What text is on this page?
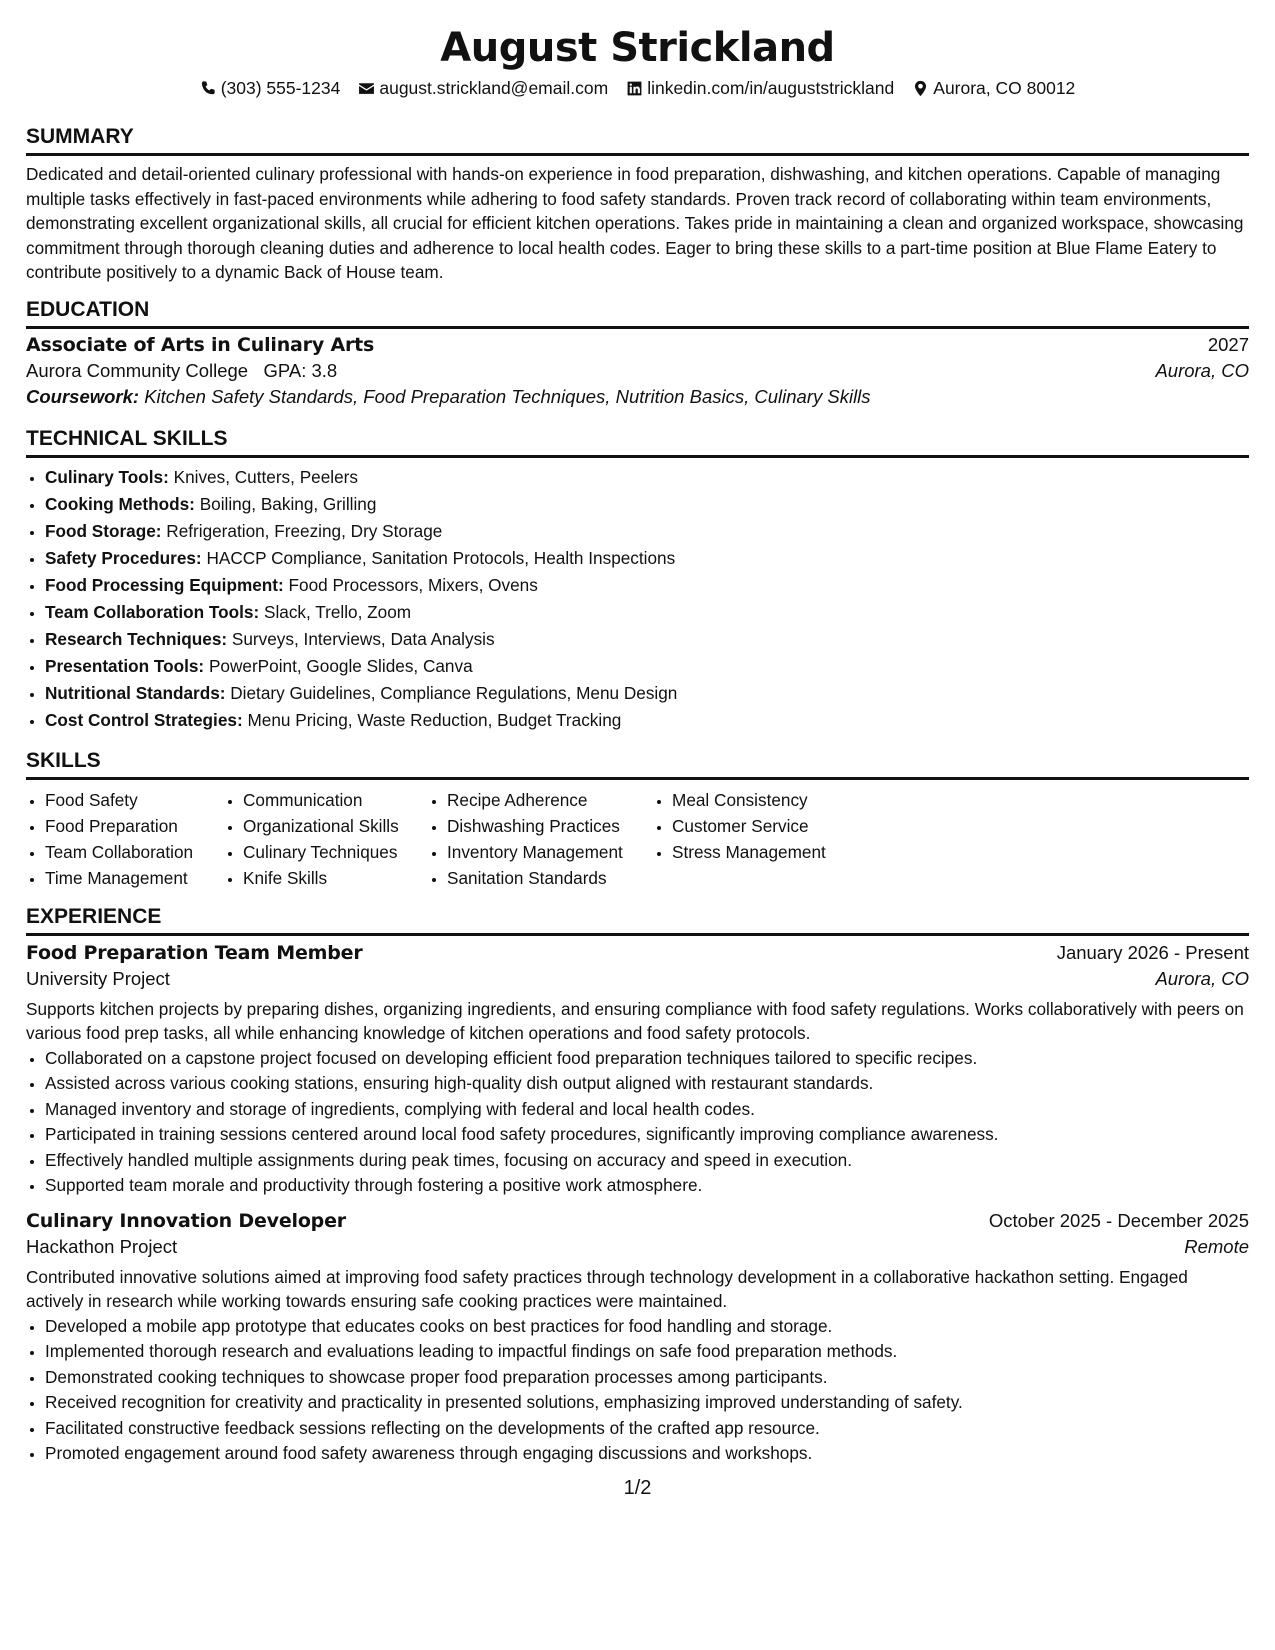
August Strickland
(303) 555-1234 august.strickland@email.com linkedin.com/in/auguststrickland Aurora, CO 80012
SUMMARY

Dedicated and detail-oriented culinary professional with hands-on experience in food preparation, dishwashing, and kitchen operations. Capable of managing multiple tasks effectively in fast-paced environments while adhering to food safety standards. Proven track record of collaborating within team environments, demonstrating excellent organizational skills, all crucial for efficient kitchen operations. Takes pride in maintaining a clean and organized workspace, showcasing commitment through thorough cleaning duties and adherence to local health codes. Eager to bring these skills to a part-time position at Blue Flame Eatery to contribute positively to a dynamic Back of House team.

EDUCATION
Associate of Arts in Culinary Arts	2027
Aurora Community College GPA: 3.8	Aurora, CO
Coursework: Kitchen Safety Standards, Food Preparation Techniques, Nutrition Basics, Culinary Skills
TECHNICAL SKILLS
• Culinary Tools: Knives, Cutters, Peelers
• Cooking Methods: Boiling, Baking, Grilling
• Food Storage: Refrigeration, Freezing, Dry Storage
• Safety Procedures: HACCP Compliance, Sanitation Protocols, Health Inspections
• Food Processing Equipment: Food Processors, Mixers, Ovens
• Team Collaboration Tools: Slack, Trello, Zoom
• Research Techniques: Surveys, Interviews, Data Analysis
• Presentation Tools: PowerPoint, Google Slides, Canva
• Nutritional Standards: Dietary Guidelines, Compliance Regulations, Menu Design
• Cost Control Strategies: Menu Pricing, Waste Reduction, Budget Tracking
SKILLS
• Food Safety
• Food Preparation
• Team Collaboration
• Time Management
• Communication
• Organizational Skills
• Culinary Techniques
• Knife Skills
• Recipe Adherence
• Dishwashing Practices
• Inventory Management
• Sanitation Standards
• Meal Consistency
• Customer Service
• Stress Management
EXPERIENCE
Food Preparation Team Member	January 2026 - Present
University Project	Aurora, CO

Supports kitchen projects by preparing dishes, organizing ingredients, and ensuring compliance with food safety regulations. Works collaboratively with peers on various food prep tasks, all while enhancing knowledge of kitchen operations and food safety protocols.

• Collaborated on a capstone project focused on developing efficient food preparation techniques tailored to specific recipes.
• Assisted across various cooking stations, ensuring high-quality dish output aligned with restaurant standards.
• Managed inventory and storage of ingredients, complying with federal and local health codes.
• Participated in training sessions centered around local food safety procedures, significantly improving compliance awareness.
• Effectively handled multiple assignments during peak times, focusing on accuracy and speed in execution.
• Supported team morale and productivity through fostering a positive work atmosphere.
Culinary Innovation Developer	October 2025 - December 2025
Hackathon Project	Remote

Contributed innovative solutions aimed at improving food safety practices through technology development in a collaborative hackathon setting. Engaged actively in research while working towards ensuring safe cooking practices were maintained.

• Developed a mobile app prototype that educates cooks on best practices for food handling and storage.
• Implemented thorough research and evaluations leading to impactful findings on safe food preparation methods.
• Demonstrated cooking techniques to showcase proper food preparation processes among participants.
• Received recognition for creativity and practicality in presented solutions, emphasizing improved understanding of safety.
• Facilitated constructive feedback sessions reflecting on the developments of the crafted app resource.
• Promoted engagement around food safety awareness through engaging discussions and workshops.
1/2
